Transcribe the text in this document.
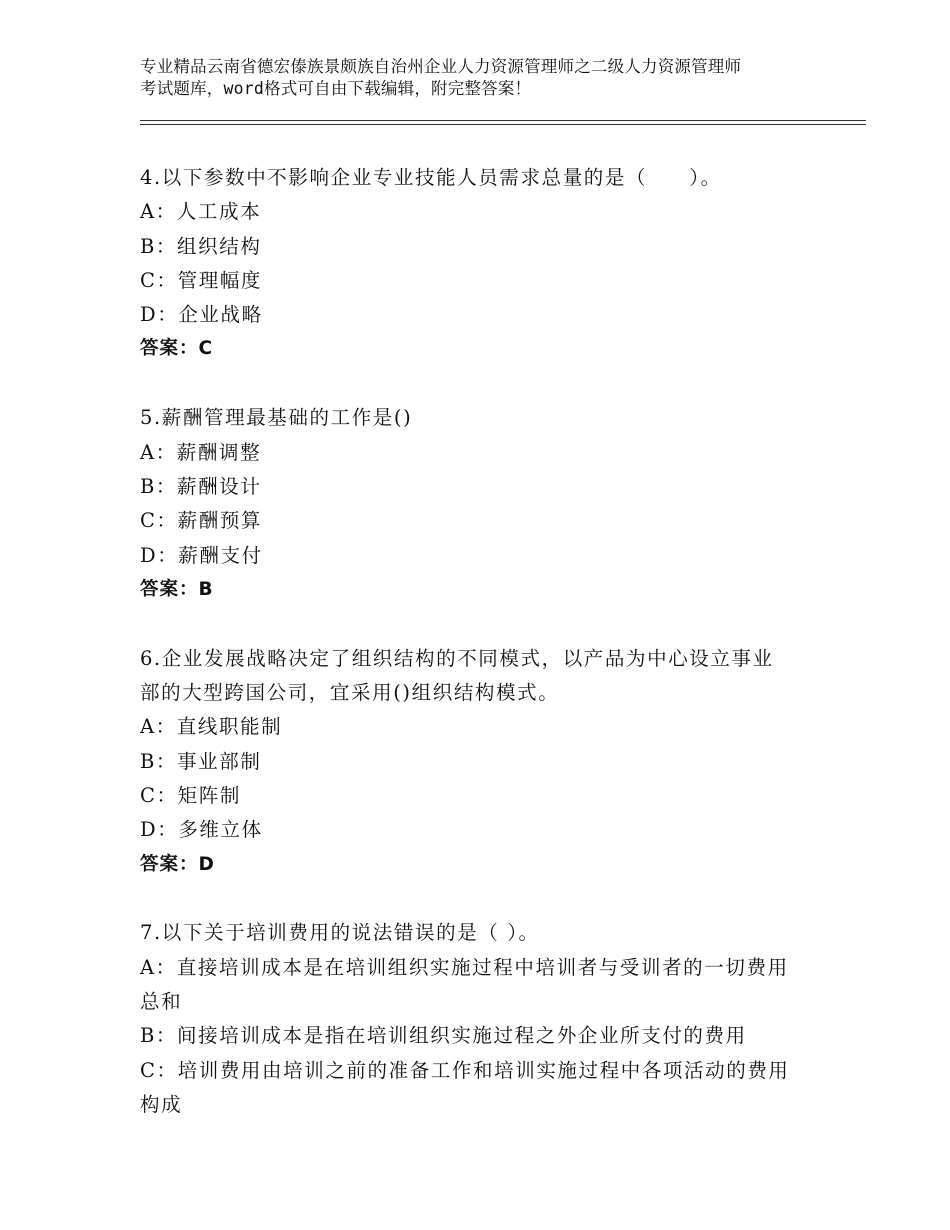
专业精品云南省德宏傣族景颇族自治州企业人力资源管理师之二级人力资源管理师

考试题库，word格式可自由下载编辑，附完整答案！

4.以下参数中不影响企业专业技能人员需求总量的是（　　）。
A：人工成本
B：组织结构
C：管理幅度
D：企业战略
答案：C
5.薪酬管理最基础的工作是()
A：薪酬调整
B：薪酬设计
C：薪酬预算
D：薪酬支付
答案：B
6.企业发展战略决定了组织结构的不同模式，以产品为中心设立事业
部的大型跨国公司，宜采用()组织结构模式。
A：直线职能制
B：事业部制
C：矩阵制
D：多维立体
答案：D
7.以下关于培训费用的说法错误的是（ ）。
A：直接培训成本是在培训组织实施过程中培训者与受训者的一切费用
总和
B：间接培训成本是指在培训组织实施过程之外企业所支付的费用
C：培训费用由培训之前的准备工作和培训实施过程中各项活动的费用
构成
